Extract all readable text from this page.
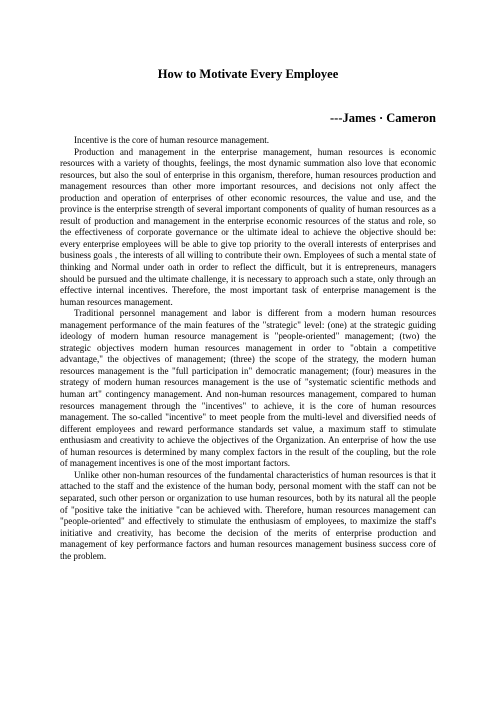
How to Motivate Every Employee

---James · Cameron

Incentive is the core of human resource management.

Production and management in the enterprise management, human resources is economic resources with a variety of thoughts, feelings, the most dynamic summation also love that economic resources, but also the soul of enterprise in this organism, therefore, human resources production and management resources than other more important resources, and decisions not only affect the production and operation of enterprises of other economic resources, the value and use, and the province is the enterprise strength of several important components of quality of human resources as a result of production and management in the enterprise economic resources of the status and role, so the effectiveness of corporate governance or the ultimate ideal to achieve the objective should be: every enterprise employees will be able to give top priority to the overall interests of enterprises and business goals , the interests of all willing to contribute their own. Employees of such a mental state of thinking and Normal under oath in order to reflect the difficult, but it is entrepreneurs, managers should be pursued and the ultimate challenge, it is necessary to approach such a state, only through an effective internal incentives. Therefore, the most important task of enterprise management is the human resources management.

Traditional personnel management and labor is different from a modern human resources management performance of the main features of the "strategic" level: (one) at the strategic guiding ideology of modern human resource management is "people-oriented" management; (two) the strategic objectives modern human resources management in order to "obtain a competitive advantage," the objectives of management; (three) the scope of the strategy, the modern human resources management is the "full participation in" democratic management; (four) measures in the strategy of modern human resources management is the use of "systematic scientific methods and human art" contingency management. And non-human resources management, compared to human resources management through the "incentives" to achieve, it is the core of human resources management. The so-called "incentive" to meet people from the multi-level and diversified needs of different employees and reward performance standards set value, a maximum staff to stimulate enthusiasm and creativity to achieve the objectives of the Organization. An enterprise of how the use of human resources is determined by many complex factors in the result of the coupling, but the role of management incentives is one of the most important factors.

Unlike other non-human resources of the fundamental characteristics of human resources is that it attached to the staff and the existence of the human body, personal moment with the staff can not be separated, such other person or organization to use human resources, both by its natural all the people of "positive take the initiative "can be achieved with. Therefore, human resources management can "people-oriented" and effectively to stimulate the enthusiasm of employees, to maximize the staff's initiative and creativity, has become the decision of the merits of enterprise production and management of key performance factors and human resources management business success core of the problem.
